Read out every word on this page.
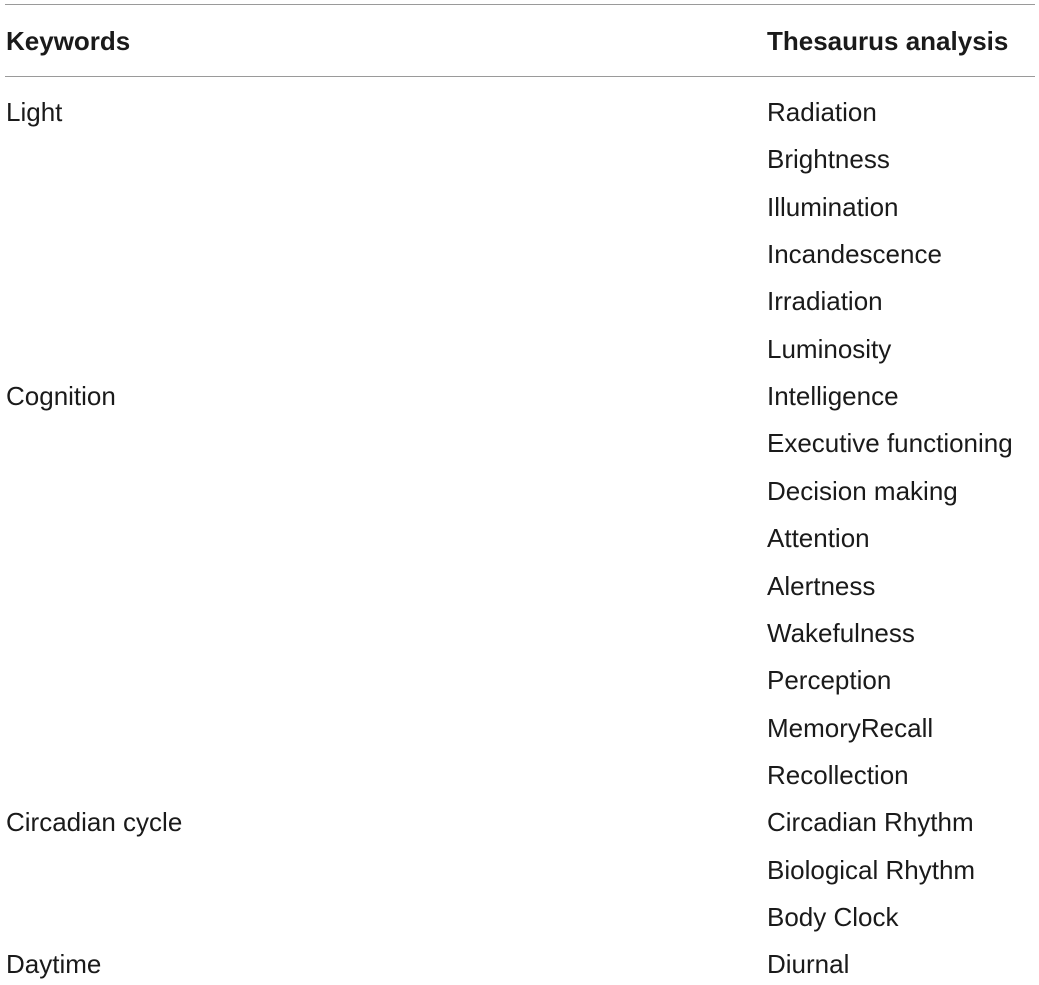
Keywords	Thesaurus analysis
Light	Radiation
Brightness
Illumination
Incandescence
Irradiation
Luminosity
Cognition	Intelligence
Executive functioning
Decision making
Attention
Alertness
Wakefulness
Perception
MemoryRecall
Recollection
Circadian cycle	Circadian Rhythm
Biological Rhythm
Body Clock
Daytime	Diurnal
